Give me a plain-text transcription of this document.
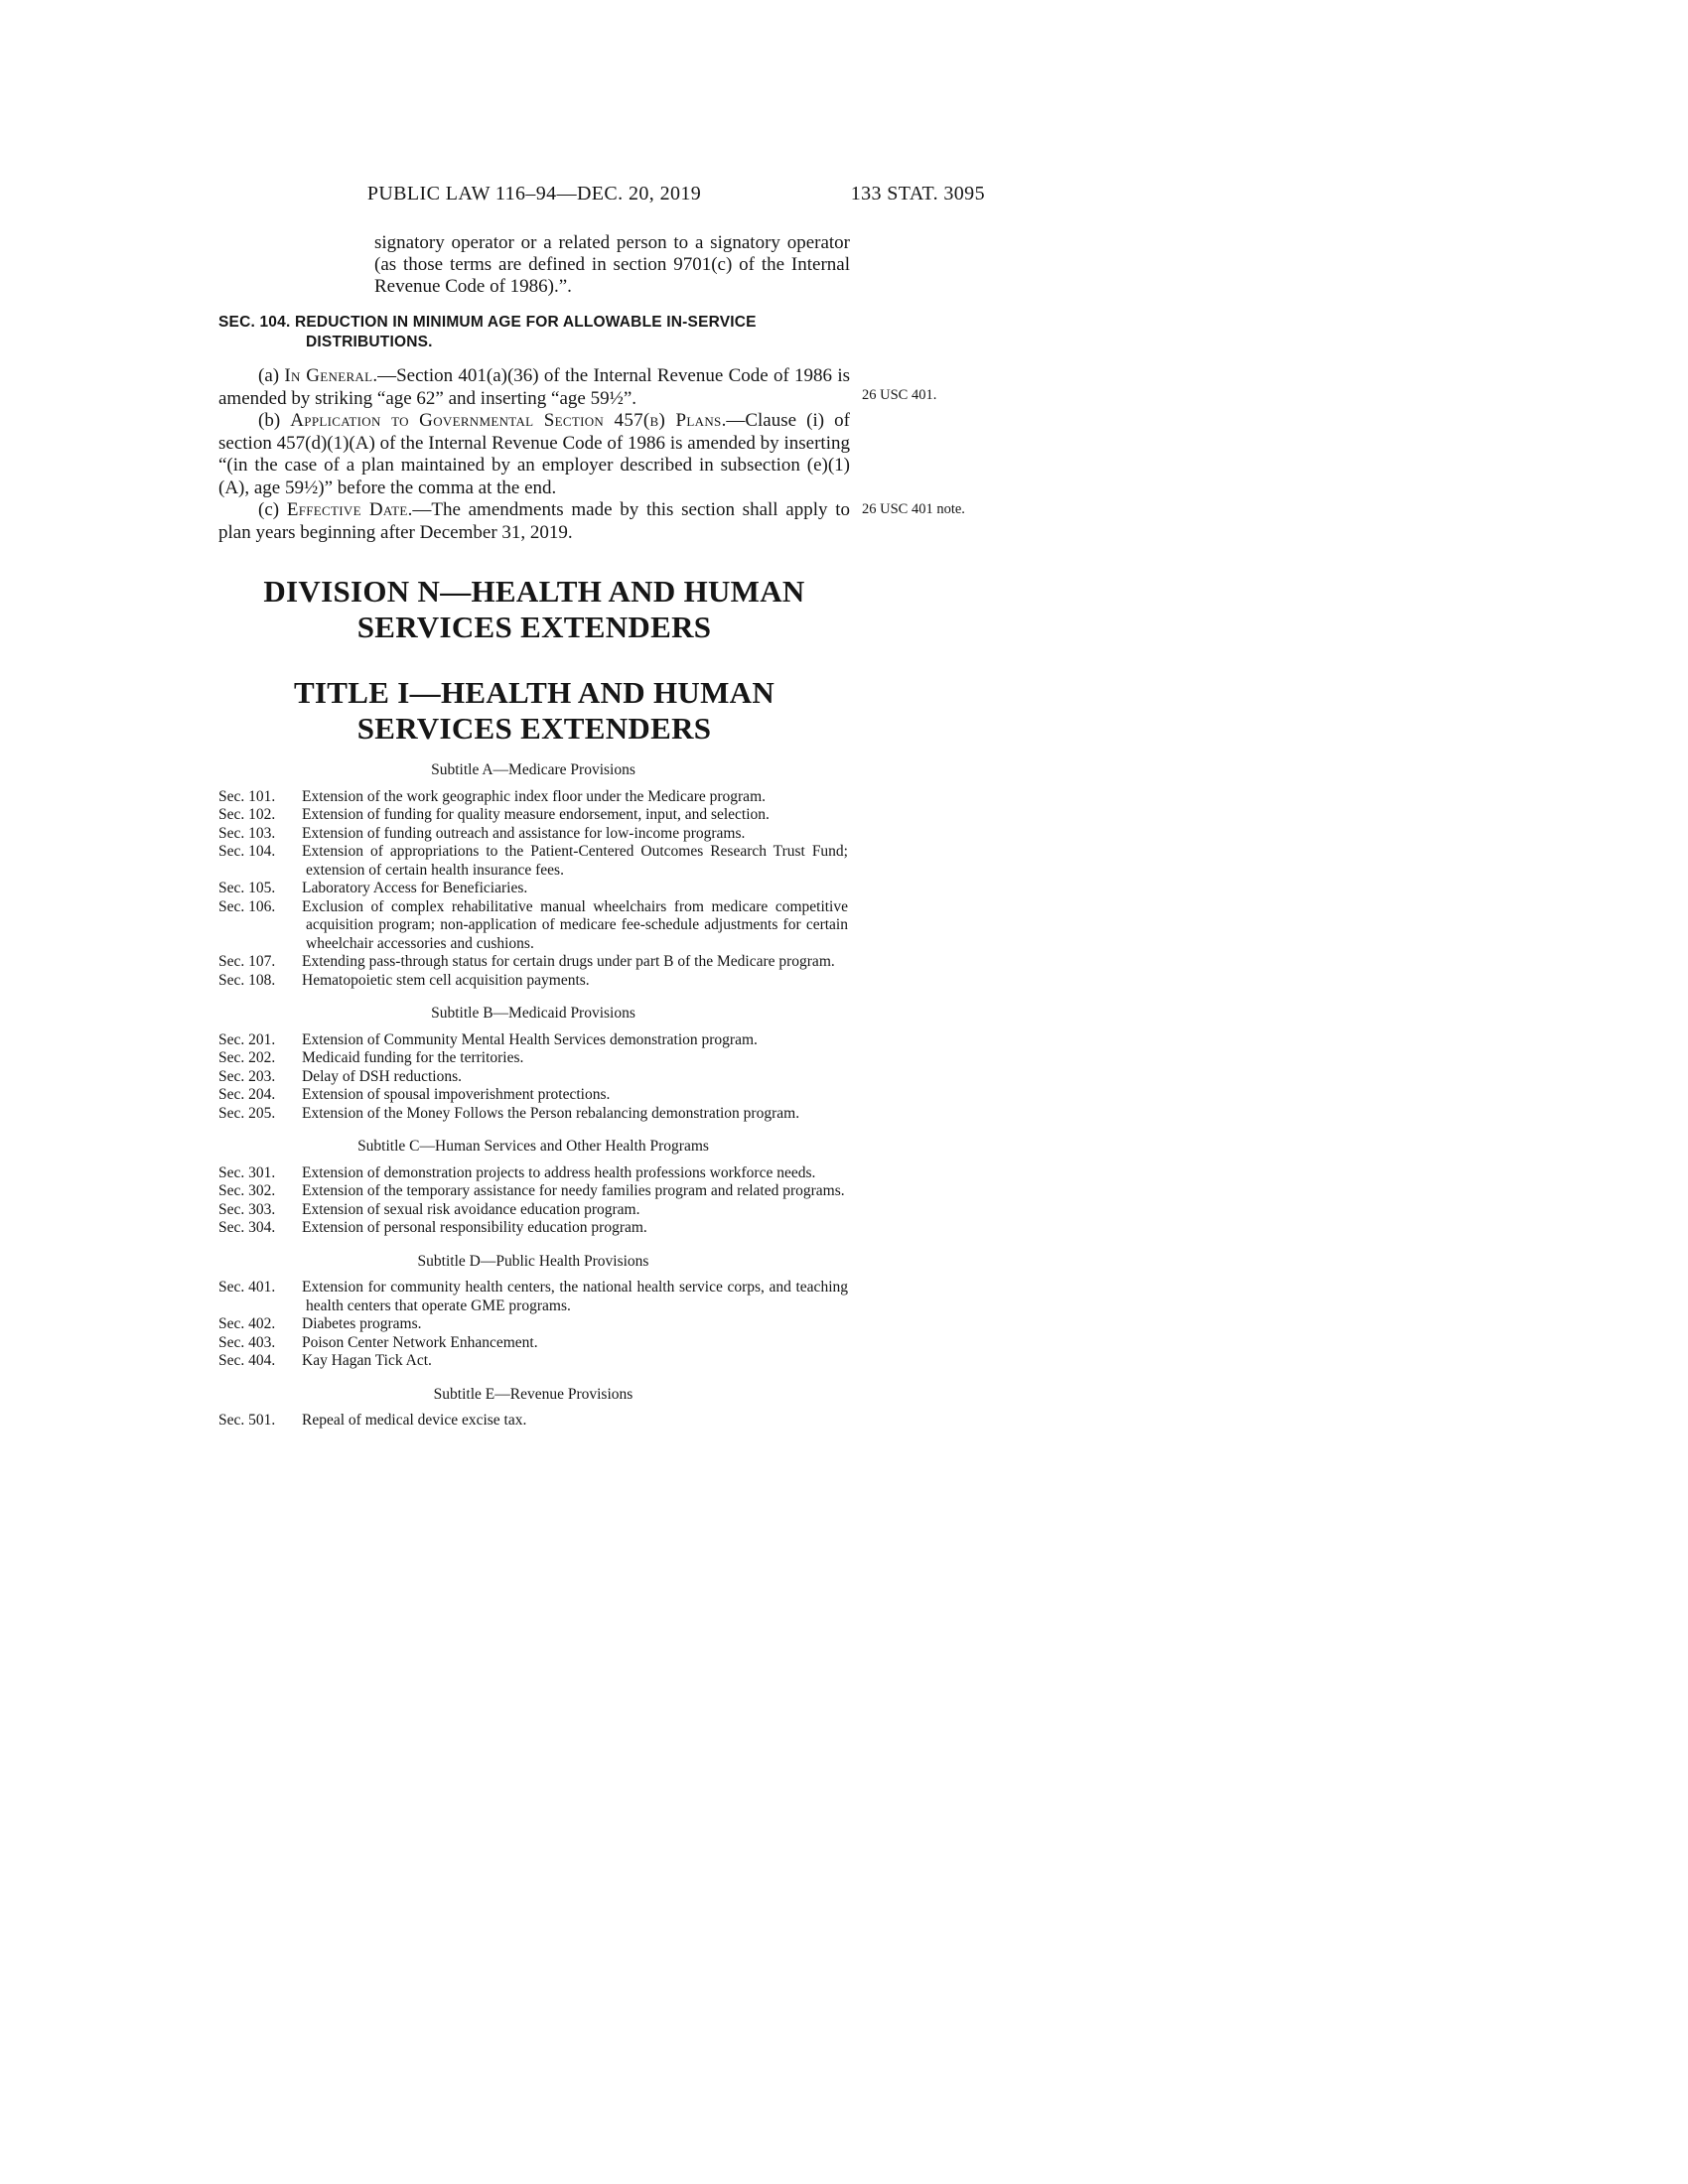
PUBLIC LAW 116–94—DEC. 20, 2019	133 STAT. 3095

signatory operator or a related person to a signatory operator (as those terms are defined in section 9701(c) of the Internal Revenue Code of 1986).”.

SEC. 104. REDUCTION IN MINIMUM AGE FOR ALLOWABLE IN-SERVICE DISTRIBUTIONS.

(a) In General.—Section 401(a)(36) of the Internal Revenue Code of 1986 is amended by striking “age 62” and inserting “age 59½”.	26 USC 401.

(b) Application to Governmental Section 457(b) Plans.—Clause (i) of section 457(d)(1)(A) of the Internal Revenue Code of 1986 is amended by inserting “(in the case of a plan maintained by an employer described in subsection (e)(1)(A), age 59½)” before the comma at the end.

(c) Effective Date.—The amendments made by this section shall apply to plan years beginning after December 31, 2019.

26 USC 401 note.
DIVISION N—HEALTH AND HUMAN
SERVICES EXTENDERS
TITLE I—HEALTH AND HUMAN
SERVICES EXTENDERS
Subtitle A—Medicare Provisions

Sec. 101. Extension of the work geographic index floor under the Medicare program.

Sec. 102. Extension of funding for quality measure endorsement, input, and selection.

Sec. 103. Extension of funding outreach and assistance for low-income programs.

Sec. 104. Extension of appropriations to the Patient-Centered Outcomes Research Trust Fund; extension of certain health insurance fees.

Sec. 105. Laboratory Access for Beneficiaries.

Sec. 106. Exclusion of complex rehabilitative manual wheelchairs from medicare competitive acquisition program; non-application of medicare fee-schedule adjustments for certain wheelchair accessories and cushions.

Sec. 107. Extending pass-through status for certain drugs under part B of the Medicare program.

Sec. 108. Hematopoietic stem cell acquisition payments.

Subtitle B—Medicaid Provisions

Sec. 201. Extension of Community Mental Health Services demonstration program.

Sec. 202. Medicaid funding for the territories.

Sec. 203. Delay of DSH reductions.

Sec. 204. Extension of spousal impoverishment protections.

Sec. 205. Extension of the Money Follows the Person rebalancing demonstration program.

Subtitle C—Human Services and Other Health Programs

Sec. 301. Extension of demonstration projects to address health professions workforce needs.

Sec. 302. Extension of the temporary assistance for needy families program and related programs.

Sec. 303. Extension of sexual risk avoidance education program.

Sec. 304. Extension of personal responsibility education program.

Subtitle D—Public Health Provisions

Sec. 401. Extension for community health centers, the national health service corps, and teaching health centers that operate GME programs.

Sec. 402. Diabetes programs.

Sec. 403. Poison Center Network Enhancement.

Sec. 404. Kay Hagan Tick Act.

Subtitle E—Revenue Provisions

Sec. 501. Repeal of medical device excise tax.
